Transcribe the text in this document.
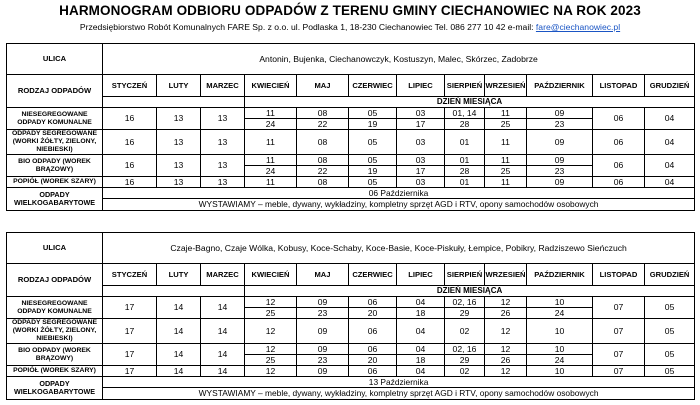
HARMONOGRAM ODBIORU ODPADÓW Z TERENU GMINY CIECHANOWIEC NA ROK 2023
Przedsiębiorstwo Robót Komunalnych FARE Sp. z o.o. ul. Podlaska 1, 18-230 Ciechanowiec Tel. 086 277 10 42 e-mail: fare@ciechanowiec.pl
ULICA	Antonin, Bujenka, Ciechanowczyk, Kostuszyn, Malec, Skórzec, Zadobrze											
RODZAJ ODPADÓW	STYCZEŃ	LUTY	MARZEC	KWIECIEŃ	MAJ	CZERWIEC	LIPIEC	SIERPIEŃ	WRZESIEŃ	PAŹDZIERNIK	LISTOPAD	GRUDZIEŃ
				DZIEŃ MIESIĄCA								
NIESEGREGOWANE ODPADY KOMUNALNE	16	13	13	11	08	05	03	01, 14	11	09	06	04
				24	22	19	17	28	25	23		
ODPADY SEGREGOWANE (WORKI ŻÓŁTY, ZIELONY, NIEBIESKI)	16	13	13	11	08	05	03	01	11	09	06	04
BIO ODPADY (WOREK BRĄZOWY)	16	13	13	11	08	05	03	01	11	09	06	04
				24	22	19	17	28	25	23		
POPIÓŁ (WOREK SZARY)	16	13	13	11	08	05	03	01	11	09	06	04
ODPADY WIELKOGABARYTOWE	06 Października											
	WYSTAWIAMY – meble, dywany, wykładziny, kompletny sprzęt AGD i RTV, opony samochodów osobowych											
ULICA	Czaje-Bagno, Czaje Wólka, Kobusy, Koce-Schaby, Koce-Basie, Koce-Piskuły, Łempice, Pobikry, Radziszewo Sieńczuch											
RODZAJ ODPADÓW	STYCZEŃ	LUTY	MARZEC	KWIECIEŃ	MAJ	CZERWIEC	LIPIEC	SIERPIEŃ	WRZESIEŃ	PAŹDZIERNIK	LISTOPAD	GRUDZIEŃ
				DZIEŃ MIESIĄCA								
NIESEGREGOWANE ODPADY KOMUNALNE	17	14	14	12	09	06	04	02, 16	12	10	07	05
				25	23	20	18	29	26	24		
ODPADY SEGREGOWANE (WORKI ŻÓŁTY, ZIELONY, NIEBIESKI)	17	14	14	12	09	06	04	02	12	10	07	05
BIO ODPADY (WOREK BRĄZOWY)	17	14	14	12	09	06	04	02, 16	12	10	07	05
				25	23	20	18	29	26	24		
POPIÓŁ (WOREK SZARY)	17	14	14	12	09	06	04	02	12	10	07	05
ODPADY WIELKOGABARYTOWE	13 Października											
	WYSTAWIAMY – meble, dywany, wykładziny, kompletny sprzęt AGD i RTV, opony samochodów osobowych											
